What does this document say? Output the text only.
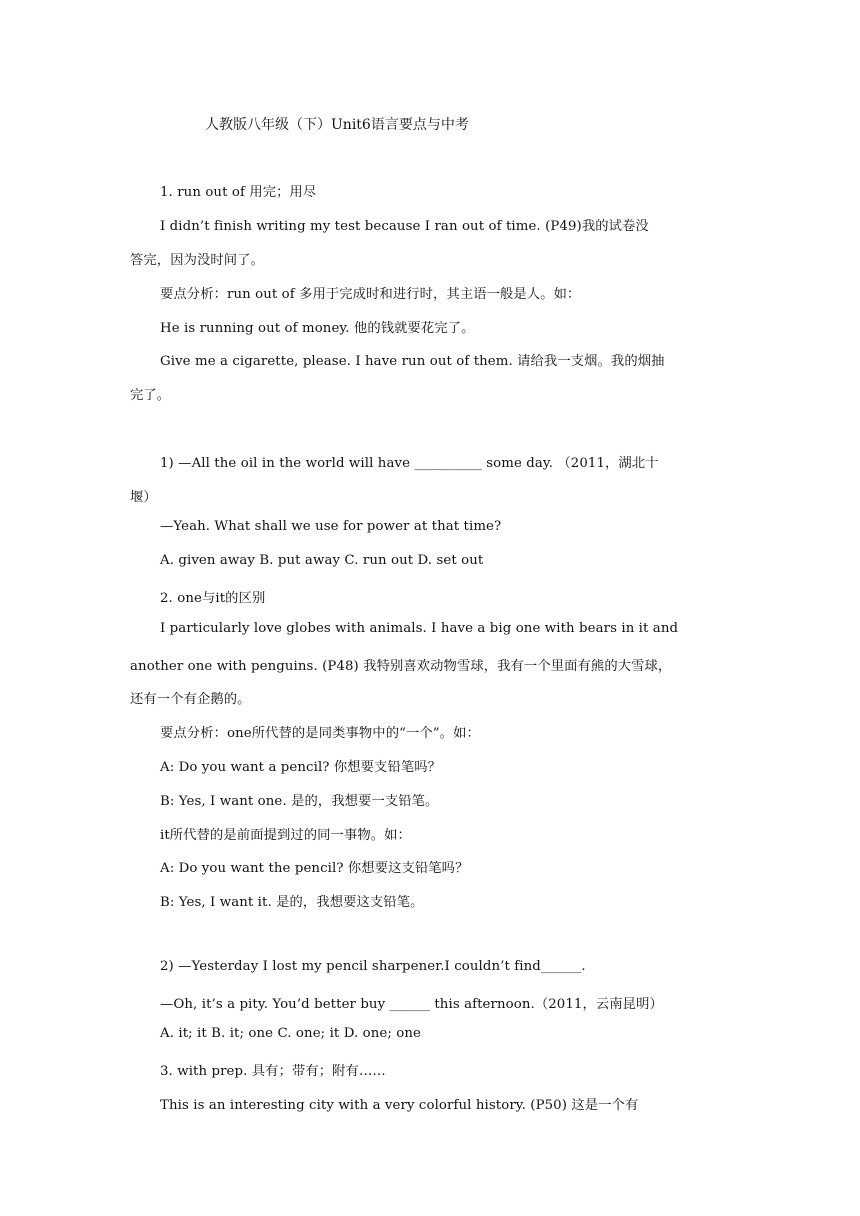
人教版八年级（下）Unit6语言要点与中考
1. run out of 用完；用尽
I didn’t finish writing my test because I ran out of time. (P49)我的试卷没
答完，因为没时间了。
要点分析：run out of 多用于完成时和进行时，其主语一般是人。如：
He is running out of money. 他的钱就要花完了。
Give me a cigarette, please. I have run out of them. 请给我一支烟。我的烟抽
完了。
1) —All the oil in the world will have __________ some day. （2011，湖北十
堰）
—Yeah. What shall we use for power at that time?
A. given away B. put away C. run out D. set out
2. one与it的区别
I particularly love globes with animals. I have a big one with bears in it and
another one with penguins. (P48) 我特别喜欢动物雪球，我有一个里面有熊的大雪球，
还有一个有企鹅的。
要点分析：one所代替的是同类事物中的“一个”。如：
A: Do you want a pencil? 你想要支铅笔吗？
B: Yes, I want one. 是的，我想要一支铅笔。
it所代替的是前面提到过的同一事物。如：
A: Do you want the pencil? 你想要这支铅笔吗？
B: Yes, I want it. 是的，我想要这支铅笔。
2) —Yesterday I lost my pencil sharpener.I couldn’t find______.
—Oh, it’s a pity. You’d better buy ______ this afternoon.（2011，云南昆明）
A. it; it B. it; one C. one; it D. one; one
3. with prep. 具有；带有；附有……
This is an interesting city with a very colorful history. (P50) 这是一个有
